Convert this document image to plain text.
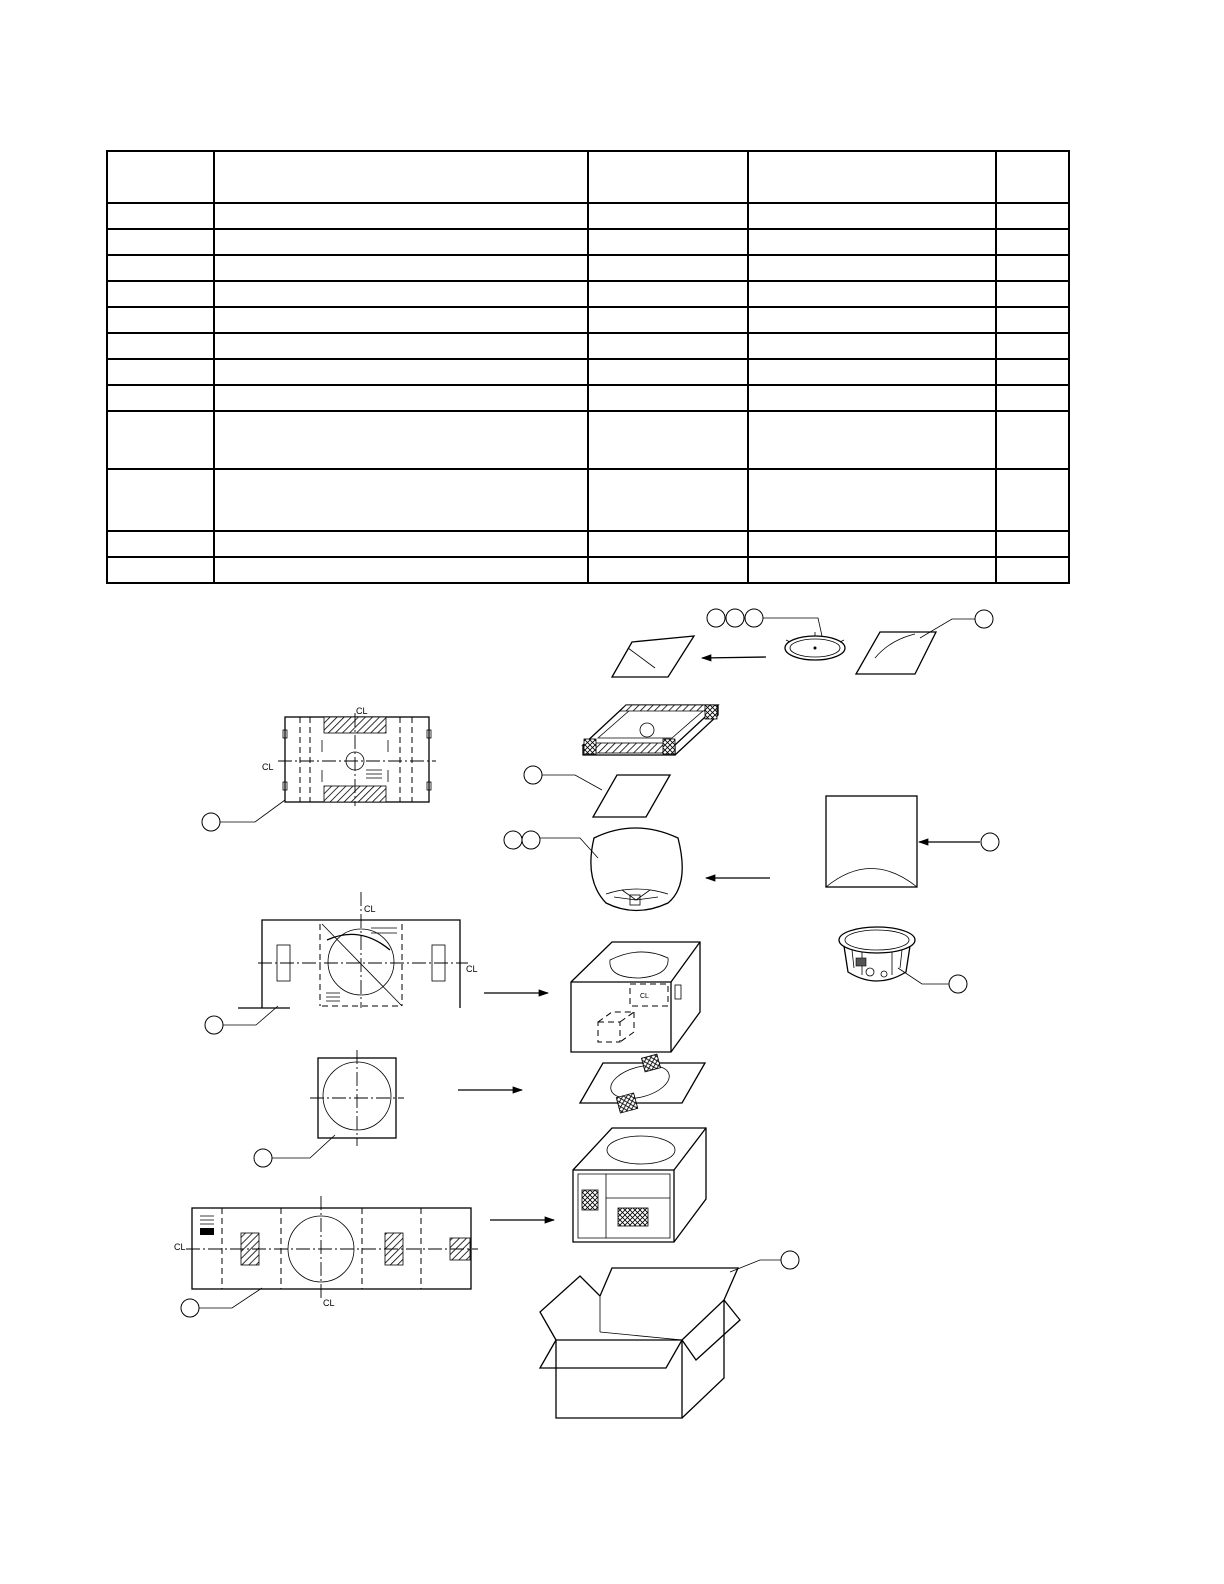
CL
CL
CL
CL
CL
CL
CL
